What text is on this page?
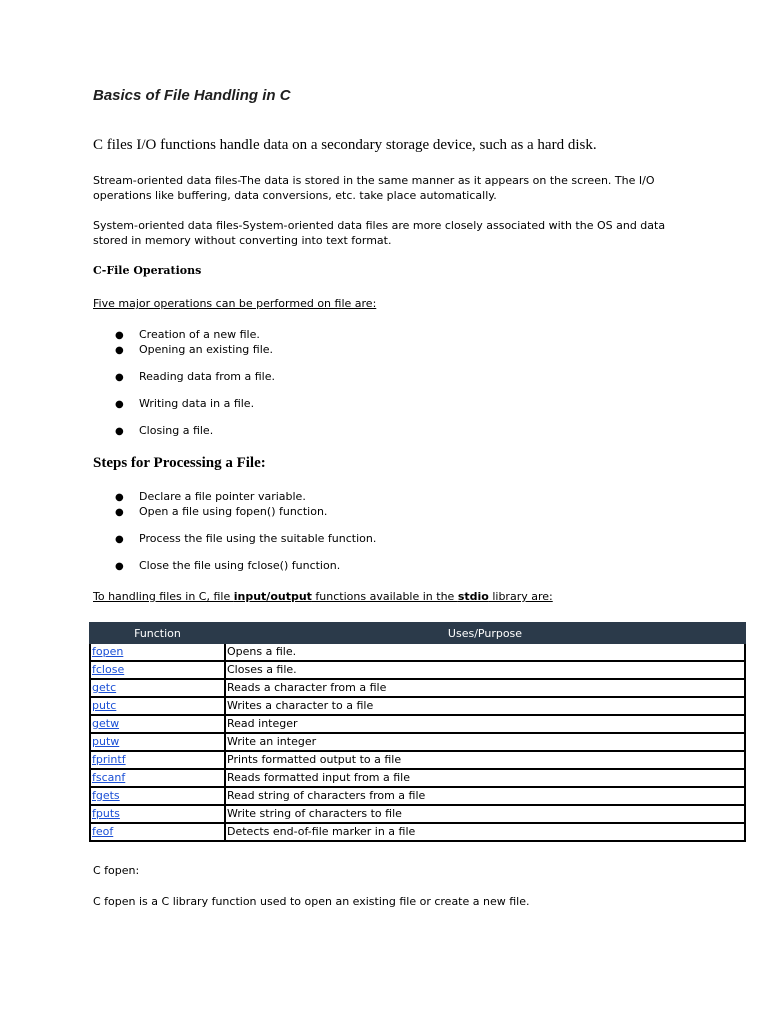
Basics of File Handling in C
C files I/O functions handle data on a secondary storage device, such as a hard disk.
Stream-oriented data files-The data is stored in the same manner as it appears on the screen. The I/O operations like buffering, data conversions, etc. take place automatically.
System-oriented data files-System-oriented data files are more closely associated with the OS and data stored in memory without converting into text format.
C-File Operations
Five major operations can be performed on file are:
● Creation of a new file.
● Opening an existing file.
● Reading data from a file.
● Writing data in a file.
● Closing a file.
Steps for Processing a File:
● Declare a file pointer variable.
● Open a file using fopen() function.
● Process the file using the suitable function.
● Close the file using fclose() function.
To handling files in C, file input/output functions available in the stdio library are:
Function	Uses/Purpose
fopen	Opens a file.
fclose	Closes a file.
getc	Reads a character from a file
putc	Writes a character to a file
getw	Read integer
putw	Write an integer
fprintf	Prints formatted output to a file
fscanf	Reads formatted input from a file
fgets	Read string of characters from a file
fputs	Write string of characters to file
feof	Detects end-of-file marker in a file
C fopen:
C fopen is a C library function used to open an existing file or create a new file.
